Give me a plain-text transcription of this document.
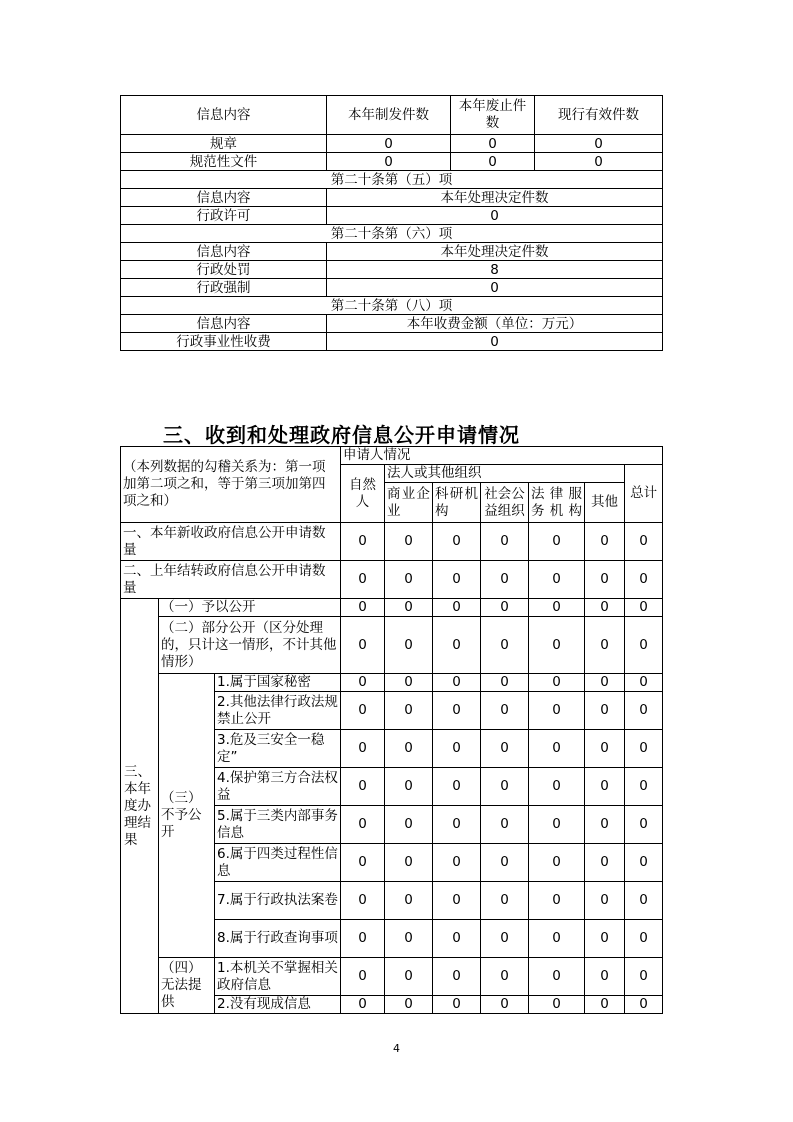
信息内容	本年制发件数	本年废止件数	现行有效件数
规章	0	0	0
规范性文件	0	0	0
第二十条第（五）项			
信息内容	本年处理决定件数		
行政许可	0		
第二十条第（六）项			
信息内容	本年处理决定件数		
行政处罚	8		
行政强制	0		
第二十条第（八）项			
信息内容	本年收费金额（单位：万元）		
行政事业性收费	0		
三、收到和处理政府信息公开申请情况
（本列数据的勾稽关系为：第一项加第二项之和，等于第三项加第四项之和）			申请人情况						
			自然人	法人或其他组织					总计
				商业企业	科研机构	社会公益组织	法律服务机构	其他	
一、本年新收政府信息公开申请数量			0	0	0	0	0	0	0
二、上年结转政府信息公开申请数量			0	0	0	0	0	0	0
三、本年度办理结果	（一）予以公开		0	0	0	0	0	0	0
	（二）部分公开（区分处理的，只计这一情形，不计其他情形）		0	0	0	0	0	0	0
	（三）不予公开	1.属于国家秘密	0	0	0	0	0	0	0
		2.其他法律行政法规禁止公开	0	0	0	0	0	0	0
		3.危及三安全一稳定”	0	0	0	0	0	0	0
		4.保护第三方合法权益	0	0	0	0	0	0	0
		5.属于三类内部事务信息	0	0	0	0	0	0	0
		6.属于四类过程性信息	0	0	0	0	0	0	0
		7.属于行政执法案卷	0	0	0	0	0	0	0
		8.属于行政查询事项	0	0	0	0	0	0	0
	（四）无法提供	1.本机关不掌握相关政府信息	0	0	0	0	0	0	0
		2.没有现成信息	0	0	0	0	0	0	0
4
